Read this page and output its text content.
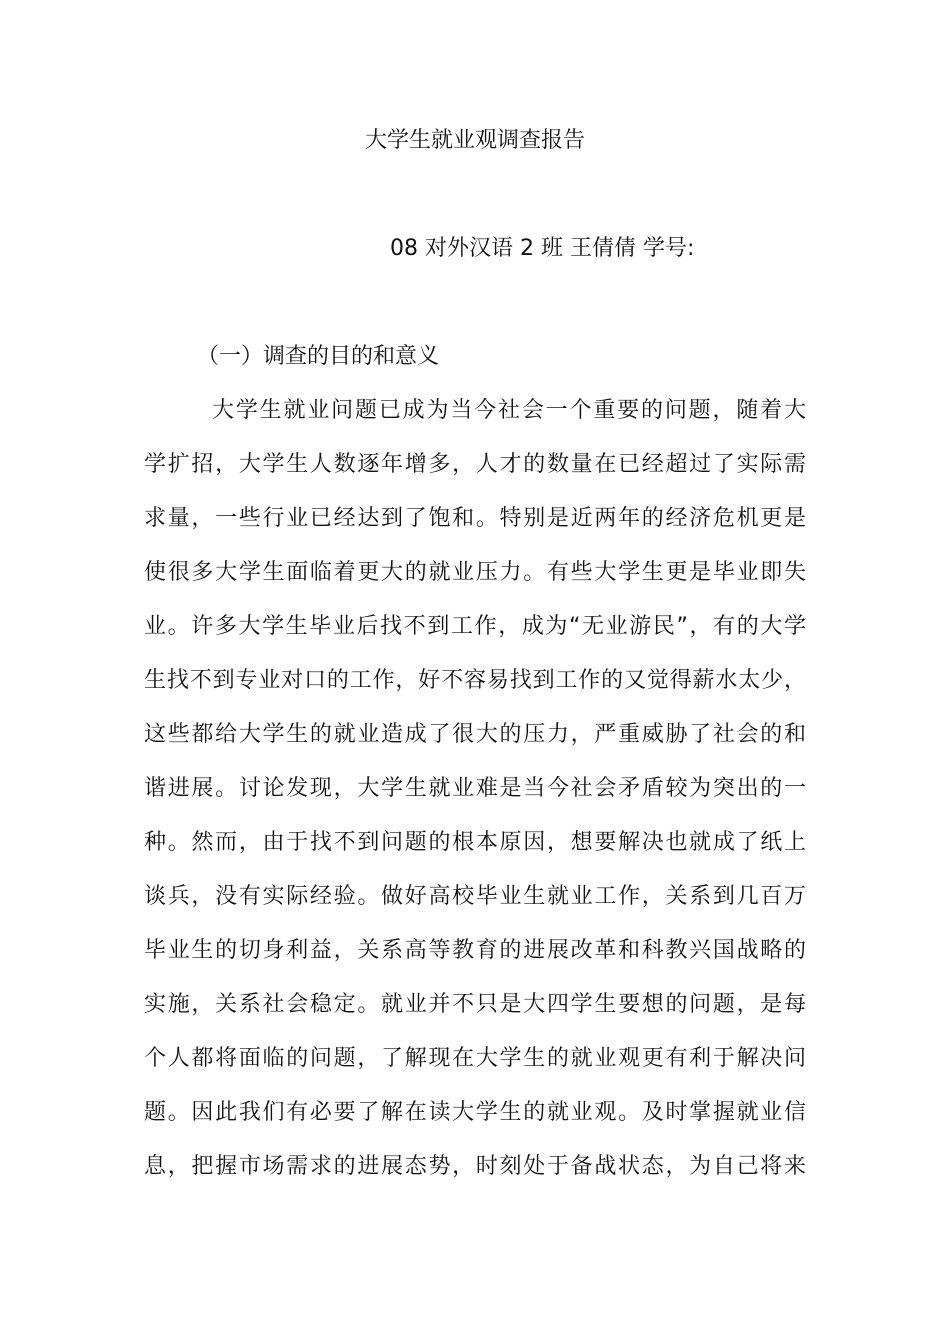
大学生就业观调查报告
08 对外汉语 2 班 王倩倩 学号:
（一）调查的目的和意义
大学生就业问题已成为当今社会一个重要的问题，随着大
学扩招，大学生人数逐年增多，人才的数量在已经超过了实际需
求量，一些行业已经达到了饱和。特别是近两年的经济危机更是
使很多大学生面临着更大的就业压力。有些大学生更是毕业即失
业。许多大学生毕业后找不到工作，成为“无业游民”，有的大学
生找不到专业对口的工作，好不容易找到工作的又觉得薪水太少，
这些都给大学生的就业造成了很大的压力，严重威胁了社会的和
谐进展。讨论发现，大学生就业难是当今社会矛盾较为突出的一
种。然而，由于找不到问题的根本原因，想要解决也就成了纸上
谈兵，没有实际经验。做好高校毕业生就业工作，关系到几百万
毕业生的切身利益，关系高等教育的进展改革和科教兴国战略的
实施，关系社会稳定。就业并不只是大四学生要想的问题，是每
个人都将面临的问题，了解现在大学生的就业观更有利于解决问
题。因此我们有必要了解在读大学生的就业观。及时掌握就业信
息，把握市场需求的进展态势，时刻处于备战状态，为自己将来
